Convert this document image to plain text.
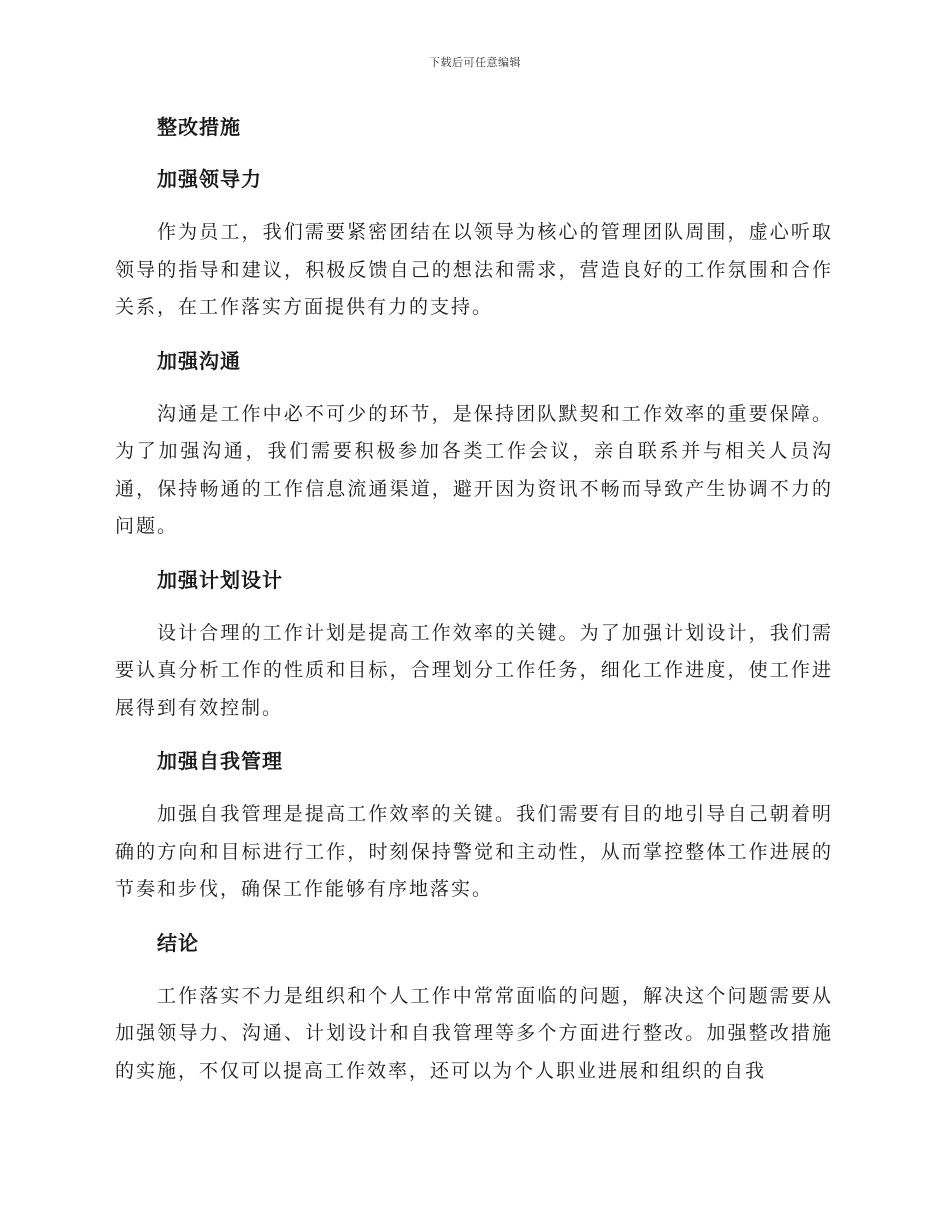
下载后可任意编辑
整改措施
加强领导力

作为员工，我们需要紧密团结在以领导为核心的管理团队周围，虚心听取领导的指导和建议，积极反馈自己的想法和需求，营造良好的工作氛围和合作关系，在工作落实方面提供有力的支持。

加强沟通

沟通是工作中必不可少的环节，是保持团队默契和工作效率的重要保障。为了加强沟通，我们需要积极参加各类工作会议，亲自联系并与相关人员沟通，保持畅通的工作信息流通渠道，避开因为资讯不畅而导致产生协调不力的问题。

加强计划设计

设计合理的工作计划是提高工作效率的关键。为了加强计划设计，我们需要认真分析工作的性质和目标，合理划分工作任务，细化工作进度，使工作进展得到有效控制。

加强自我管理

加强自我管理是提高工作效率的关键。我们需要有目的地引导自己朝着明确的方向和目标进行工作，时刻保持警觉和主动性，从而掌控整体工作进展的节奏和步伐，确保工作能够有序地落实。

结论

工作落实不力是组织和个人工作中常常面临的问题，解决这个问题需要从加强领导力、沟通、计划设计和自我管理等多个方面进行整改。加强整改措施的实施，不仅可以提高工作效率，还可以为个人职业进展和组织的自我
